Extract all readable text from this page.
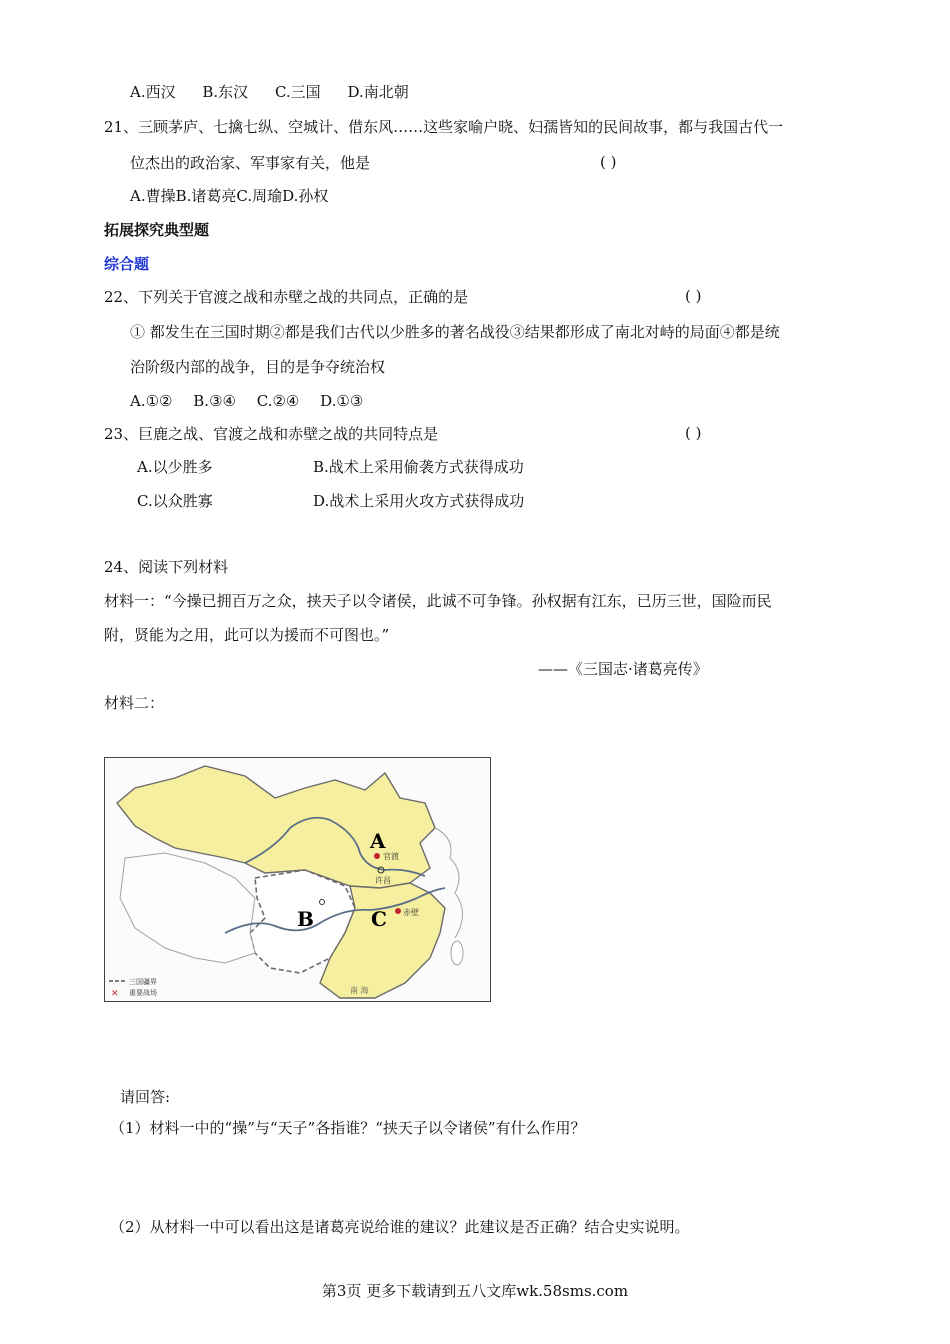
A.西汉 B.东汉 C.三国 D.南北朝
21、三顾茅庐、七擒七纵、空城计、借东风……这些家喻户晓、妇孺皆知的民间故事，都与我国古代一
位杰出的政治家、军事家有关，他是	( )
A.曹操B.诸葛亮C.周瑜D.孙权
拓展探究典型题
综合题
22、下列关于官渡之战和赤壁之战的共同点，正确的是	( )
① 都发生在三国时期②都是我们古代以少胜多的著名战役③结果都形成了南北对峙的局面④都是统
治阶级内部的战争，目的是争夺统治权
A.①② B.③④ C.②④ D.①③
23、巨鹿之战、官渡之战和赤壁之战的共同特点是	( )
A.以少胜多	B.战术上采用偷袭方式获得成功
C.以众胜寡	D.战术上采用火攻方式获得成功
24、阅读下列材料
材料一：“今操已拥百万之众，挟天子以令诸侯，此诚不可争锋。孙权据有江东，已历三世，国险而民
附，贤能为之用，此可以为援而不可图也。”
——《三国志·诸葛亮传》
材料二：
A
B	C
官渡
许昌
赤壁
南 海
三国疆界
✕ 重要战场
请回答:
（1）材料一中的“操”与“天子”各指谁？“挟天子以令诸侯”有什么作用？
（2）从材料一中可以看出这是诸葛亮说给谁的建议？此建议是否正确？结合史实说明。
第3页 更多下载请到五八文库wk.58sms.com
